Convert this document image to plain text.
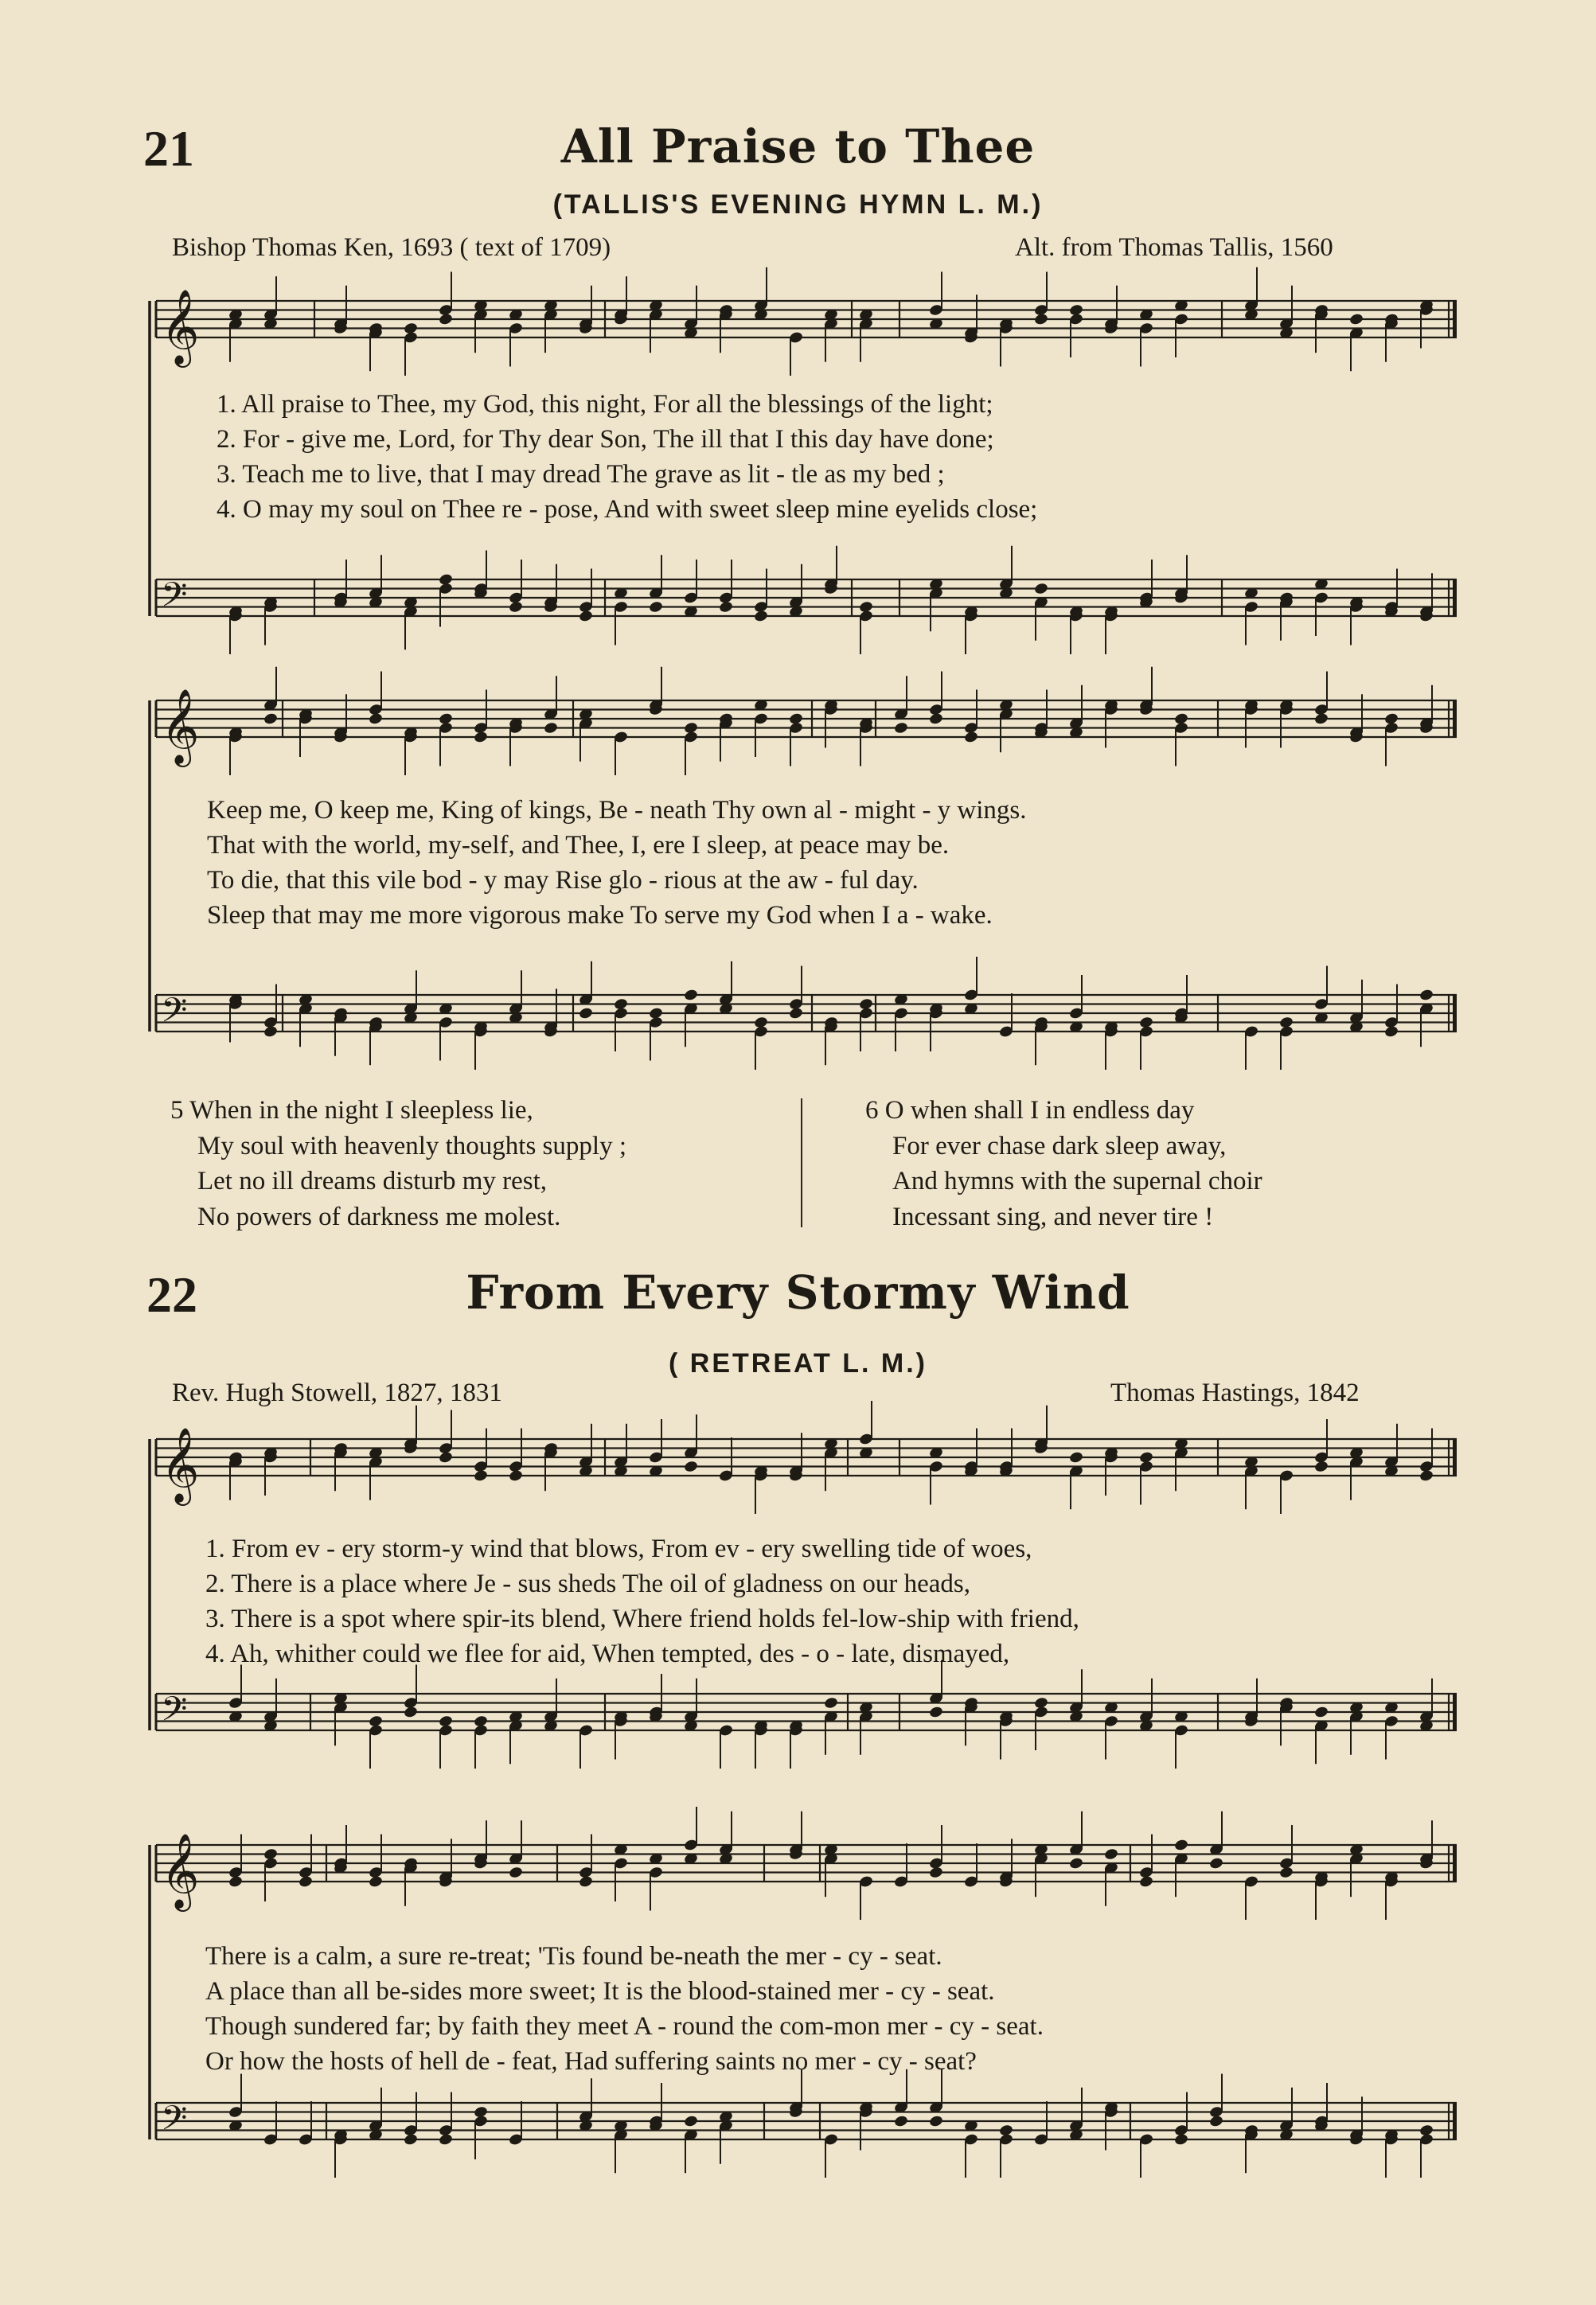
21	All Praise to Thee
(TALLIS'S EVENING HYMN L. M.)
Bishop Thomas Ken, 1693 ( text of 1709)	Alt. from Thomas Tallis, 1560
1. All praise to Thee, my God, this night, For all the blessings of the light;
2. For - give me, Lord, for Thy dear Son, The ill that I this day have done;
3. Teach me to live, that I may dread The grave as lit - tle as my bed ;
4. O may my soul on Thee re - pose, And with sweet sleep mine eyelids close;
Keep me, O keep me, King of kings, Be - neath Thy own al - might - y wings.
That with the world, my-self, and Thee, I, ere I sleep, at peace may be.
To die, that this vile bod - y may Rise glo - rious at the aw - ful day.
Sleep that may me more vigorous make To serve my God when I a - wake.
5 When in the night I sleepless lie,
My soul with heavenly thoughts supply ;
Let no ill dreams disturb my rest,
No powers of darkness me molest.
6 O when shall I in endless day
For ever chase dark sleep away,
And hymns with the supernal choir
Incessant sing, and never tire !
22	From Every Stormy Wind
( RETREAT L. M.)
Rev. Hugh Stowell, 1827, 1831	Thomas Hastings, 1842
1. From ev - ery storm-y wind that blows, From ev - ery swelling tide of woes,
2. There is a place where Je - sus sheds The oil of gladness on our heads,
3. There is a spot where spir-its blend, Where friend holds fel-low-ship with friend,
4. Ah, whither could we flee for aid, When tempted, des - o - late, dismayed,
There is a calm, a sure re-treat; 'Tis found be-neath the mer - cy - seat.
A place than all be-sides more sweet; It is the blood-stained mer - cy - seat.
Though sundered far; by faith they meet A - round the com-mon mer - cy - seat.
Or how the hosts of hell de - feat, Had suffering saints no mer - cy - seat?
𝄞
𝄢
𝄞
𝄢
𝄞
𝄢
𝄞
𝄢
